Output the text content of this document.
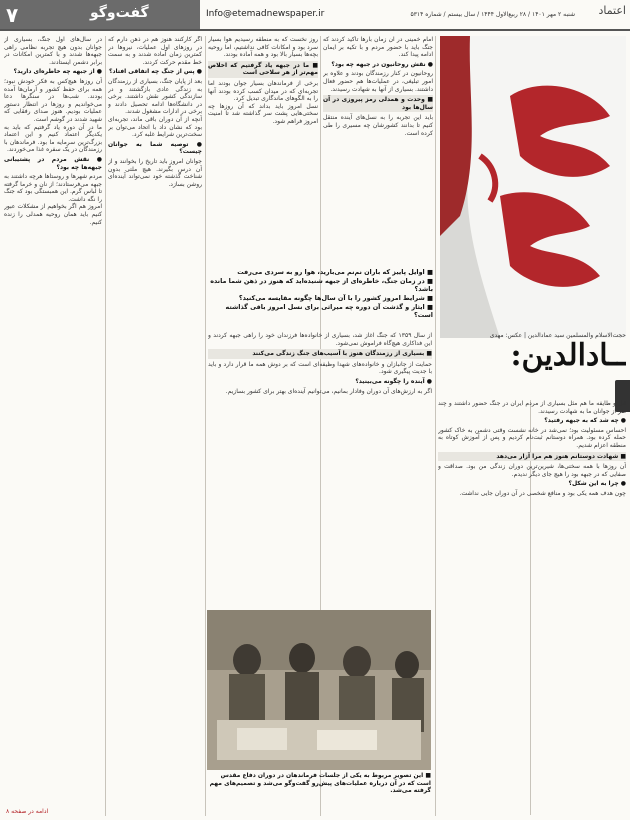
۷	گفت‌وگو	Info@etemadnewspaper.ir	شنبه ۲ مهر ۱۴۰۱ / ۲۸ ربیع‌الاول ۱۴۴۴ / سال بیستم / شماره ۵۳۱۴ اعتماد
حجت‌الاسلام والمسلمین سید عمادالدین | عکس: مهدی
ــادالدین:
در سال‌های اول جنگ، بسیاری از جوانان بدون هیچ تجربه نظامی راهی جبهه‌ها شدند و با کمترین امکانات در برابر دشمن ایستادند.
● از جبهه چه خاطره‌ای دارید؟
آن روزها هیچ‌کس به فکر خودش نبود؛ همه برای حفظ کشور و آرمان‌ها آمده بودند. شب‌ها در سنگرها دعا می‌خواندیم و روزها در انتظار دستور عملیات بودیم. هنوز صدای رفقایی که شهید شدند در گوشم است.
ما در آن دوره یاد گرفتیم که باید به یکدیگر اعتماد کنیم و این اعتماد بزرگ‌ترین سرمایه ما بود. فرماندهان با رزمندگان در یک سفره غذا می‌خوردند.
● نقش مردم در پشتیبانی جبهه‌ها چه بود؟
مردم شهرها و روستاها هرچه داشتند به جبهه می‌فرستادند؛ از نان و خرما گرفته تا لباس گرم. این همبستگی بود که جنگ را نگه داشت.
امروز هم اگر بخواهیم از مشکلات عبور کنیم باید همان روحیه همدلی را زنده کنیم.
اگر کارکنند هنوز هم در ذهن دارم که در روزهای اول عملیات، نیروها در کمترین زمان آماده شدند و به سمت خط مقدم حرکت کردند.
● پس از جنگ چه اتفاقی افتاد؟
بعد از پایان جنگ، بسیاری از رزمندگان به زندگی عادی بازگشتند و در سازندگی کشور نقش داشتند. برخی در دانشگاه‌ها ادامه تحصیل دادند و برخی در ادارات مشغول شدند.
آنچه از آن دوران باقی ماند، تجربه‌ای بود که نشان داد با اتحاد می‌توان بر سخت‌ترین شرایط غلبه کرد.
● توصیه شما به جوانان چیست؟
جوانان امروز باید تاریخ را بخوانند و از آن درس بگیرند. هیچ ملتی بدون شناخت گذشته خود نمی‌تواند آینده‌ای روشن بسازد.
روز نخست که به منطقه رسیدیم هوا بسیار سرد بود و امکانات کافی نداشتیم، اما روحیه بچه‌ها بسیار بالا بود و همه آماده بودند.
■ ما در جبهه یاد گرفتیم که اخلاص مهم‌تر از هر سلاحی است
برخی از فرماندهان بسیار جوان بودند اما تجربه‌ای که در میدان کسب کرده بودند آنها را به الگوهای ماندگاری تبدیل کرد.
نسل امروز باید بداند که آن روزها چه سختی‌هایی پشت سر گذاشته شد تا امنیت امروز فراهم شود.
امام خمینی در آن زمان بارها تاکید کردند که جنگ باید با حضور مردم و با تکیه بر ایمان ادامه پیدا کند.
● نقش روحانیون در جبهه چه بود؟
روحانیون در کنار رزمندگان بودند و علاوه بر امور تبلیغی، در عملیات‌ها هم حضور فعال داشتند. بسیاری از آنها به شهادت رسیدند.
■ وحدت و همدلی رمز پیروزی در آن سال‌ها بود
باید این تجربه را به نسل‌های آینده منتقل کنیم تا بدانند کشورشان چه مسیری را طی کرده است.
■ اوایل پاییز که باران نم‌نم می‌بارید، هوا رو به سردی می‌رفت
■ در زمان جنگ، خاطره‌ای از جبهه شنیده‌اید که هنوز در ذهن شما مانده باشد؟
■ شرایط امروز کشور را با آن سال‌ها چگونه مقایسه می‌کنید؟
■ ایثار و گذشت آن دوره چه میراثی برای نسل امروز باقی گذاشته است؟
از سال ۱۳۵۹ که جنگ آغاز شد، بسیاری از خانواده‌ها فرزندان خود را راهی جبهه کردند و این فداکاری هیچ‌گاه فراموش نمی‌شود.
■ بسیاری از رزمندگان هنوز با آسیب‌های جنگ زندگی می‌کنند
حمایت از جانبازان و خانواده‌های شهدا وظیفه‌ای است که بر دوش همه ما قرار دارد و باید با جدیت پیگیری شود.
● آینده را چگونه می‌بینید؟
اگر به ارزش‌های آن دوران وفادار بمانیم، می‌توانیم آینده‌ای بهتر برای کشور بسازیم.
ایل و طایفه ما هم مثل بسیاری از مردم ایران در جنگ حضور داشتند و چند نفر از جوانان ما به شهادت رسیدند.
● چه شد که به جبهه رفتید؟
احساس مسئولیت بود؛ نمی‌شد در خانه نشست وقتی دشمن به خاک کشور حمله کرده بود. همراه دوستانم ثبت‌نام کردیم و پس از آموزش کوتاه به منطقه اعزام شدیم.
■ شهادت دوستانم هنوز هم مرا آزار می‌دهد
آن روزها با همه سختی‌ها، شیرین‌ترین دوران زندگی من بود. صداقت و صفایی که در جبهه بود را هیچ جای دیگر ندیدم.
● چرا به این شکل؟
چون هدف همه یکی بود و منافع شخصی در آن دوران جایی نداشت.
■ این تصویر مربوط به یکی از جلسات فرماندهان در دوران دفاع مقدس است که در آن درباره عملیات‌های پیش‌رو گفت‌وگو می‌شد و تصمیم‌های مهم گرفته می‌شد.
ادامه در صفحه ۸
